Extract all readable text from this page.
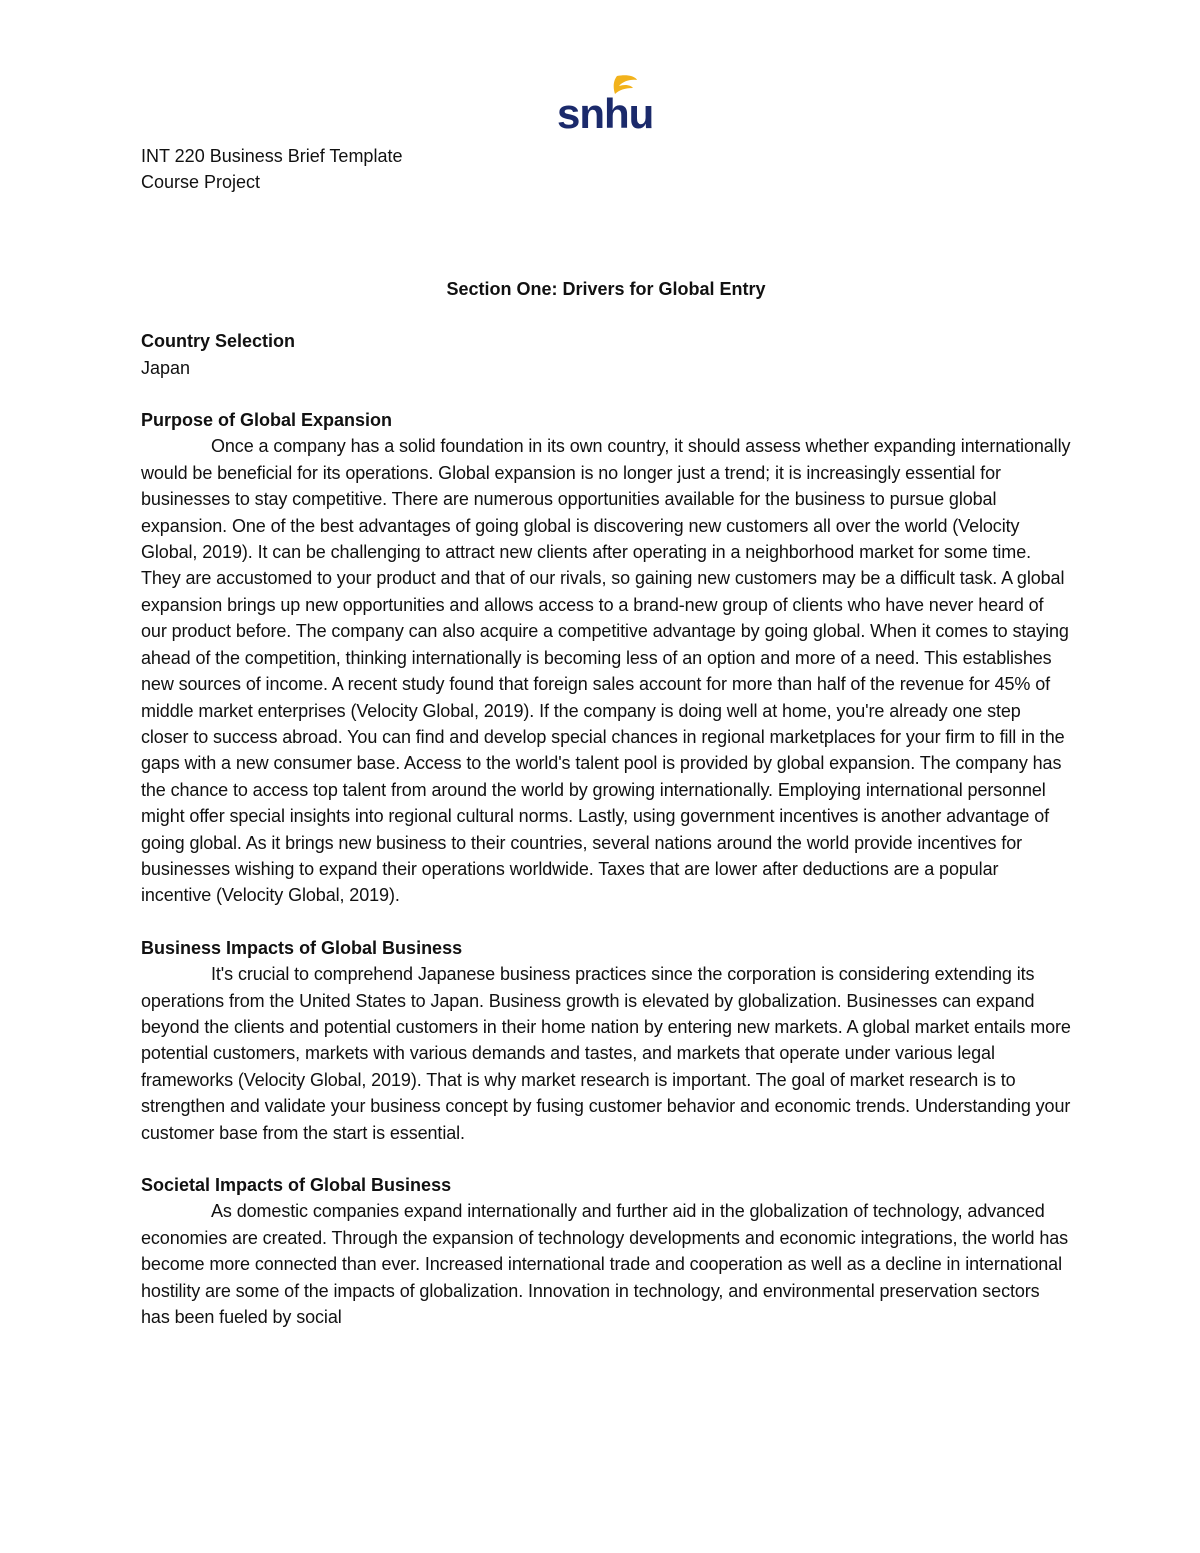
snhu

INT 220 Business Brief Template

Course Project

Section One: Drivers for Global Entry

Country Selection

Japan

Purpose of Global Expansion

Once a company has a solid foundation in its own country, it should assess whether expanding internationally would be beneficial for its operations. Global expansion is no longer just a trend; it is increasingly essential for businesses to stay competitive. There are numerous opportunities available for the business to pursue global expansion. One of the best advantages of going global is discovering new customers all over the world (Velocity Global, 2019). It can be challenging to attract new clients after operating in a neighborhood market for some time. They are accustomed to your product and that of our rivals, so gaining new customers may be a difficult task. A global expansion brings up new opportunities and allows access to a brand-new group of clients who have never heard of our product before. The company can also acquire a competitive advantage by going global. When it comes to staying ahead of the competition, thinking internationally is becoming less of an option and more of a need. This establishes new sources of income. A recent study found that foreign sales account for more than half of the revenue for 45% of middle market enterprises (Velocity Global, 2019). If the company is doing well at home, you're already one step closer to success abroad. You can find and develop special chances in regional marketplaces for your firm to fill in the gaps with a new consumer base. Access to the world's talent pool is provided by global expansion. The company has the chance to access top talent from around the world by growing internationally. Employing international personnel might offer special insights into regional cultural norms. Lastly, using government incentives is another advantage of going global. As it brings new business to their countries, several nations around the world provide incentives for businesses wishing to expand their operations worldwide. Taxes that are lower after deductions are a popular incentive (Velocity Global, 2019).

Business Impacts of Global Business

It's crucial to comprehend Japanese business practices since the corporation is considering extending its operations from the United States to Japan. Business growth is elevated by globalization. Businesses can expand beyond the clients and potential customers in their home nation by entering new markets. A global market entails more potential customers, markets with various demands and tastes, and markets that operate under various legal frameworks (Velocity Global, 2019). That is why market research is important. The goal of market research is to strengthen and validate your business concept by fusing customer behavior and economic trends. Understanding your customer base from the start is essential.

Societal Impacts of Global Business

As domestic companies expand internationally and further aid in the globalization of technology, advanced economies are created. Through the expansion of technology developments and economic integrations, the world has become more connected than ever. Increased international trade and cooperation as well as a decline in international hostility are some of the impacts of globalization. Innovation in technology, and environmental preservation sectors has been fueled by social
